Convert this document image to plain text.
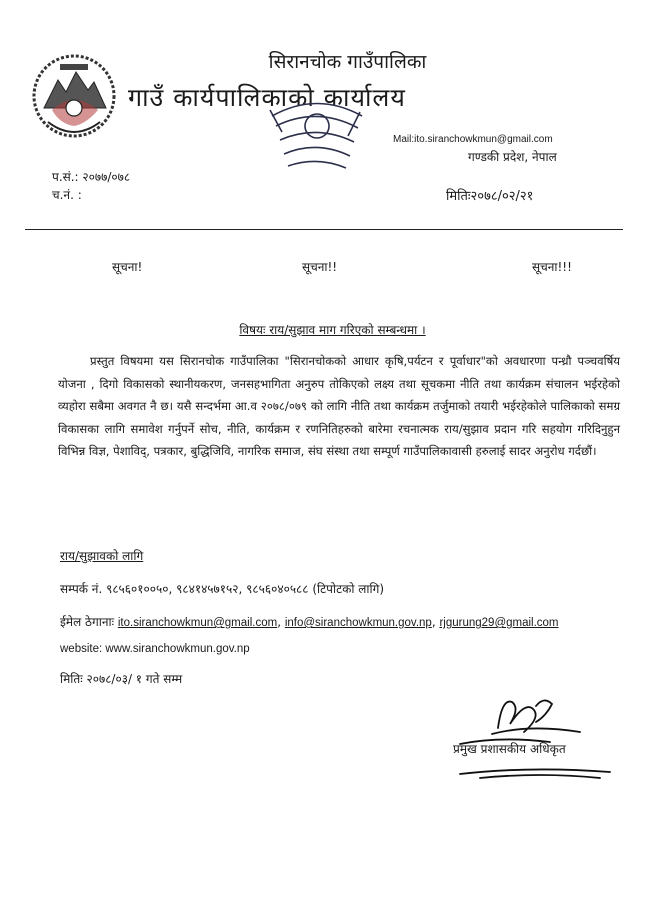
सिरानचोक गाउँपालिका
गाउँ कार्यपालिकाको कार्यालय
Mail:ito.siranchowkmun@gmail.com
गण्डकी प्रदेश, नेपाल
प.सं.: २०७७/०७८
च.नं. :	मितिः२०७८/०२/२१
सूचना!	सूचना!!	सूचना!!!
विषयः राय/सुझाव माग गरिएको सम्बन्धमा ।
प्रस्तुत विषयमा यस सिरानचोक गाउँपालिका "सिरानचोकको आधार कृषि,पर्यटन र पूर्वाधार"को अवधारणा पन्ध्रौ पञ्चवर्षिय योजना , दिगो विकासको स्थानीयकरण, जनसहभागिता अनुरुप तोकिएको लक्ष्य तथा सूचकमा नीति तथा कार्यक्रम संचालन भईरहेको व्यहोरा सबैमा अवगत नै छ। यसै सन्दर्भमा आ.व २०७८/०७९ को लागि नीति तथा कार्यक्रम तर्जुमाको तयारी भईरहेकोले पालिकाको समग्र विकासका लागि समावेश गर्नुपर्ने सोच, नीति, कार्यक्रम र रणनितिहरुको बारेमा रचनात्मक राय/सुझाव प्रदान गरि सहयोग गरिदिनुहुन विभिन्न विज्ञ, पेशाविद्, पत्रकार, बुद्धिजिवि, नागरिक समाज, संघ संस्था तथा सम्पूर्ण गाउँपालिकावासी हरुलाई सादर अनुरोध गर्दछौं।
राय/सुझावको लागि
सम्पर्क नं. ९८५६०१००५०, ९८४१४५७१५२, ९८५६०४०५८८ (टिपोटको लागि)
ईमेल ठेगानाः ito.siranchowkmun@gmail.com, info@siranchowkmun.gov.np, rjgurung29@gmail.com
website: www.siranchowkmun.gov.np
मितिः २०७८/०३/ १ गते सम्म
प्रमुख प्रशासकीय अधिकृत
